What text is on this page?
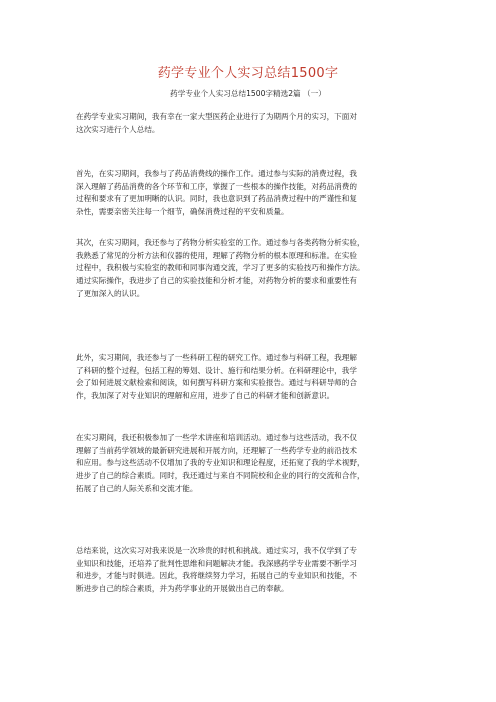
药学专业个人实习总结1500字
药学专业个人实习总结1500字精选2篇 （一）
在药学专业实习期间，我有幸在一家大型医药企业进行了为期两个月的实习，下面对
这次实习进行个人总结。
首先，在实习期间，我参与了药品消费线的操作工作。通过参与实际的消费过程，我
深入理解了药品消费的各个环节和工序，掌握了一些根本的操作技能，对药品消费的
过程和要求有了更加明晰的认识。同时，我也意识到了药品消费过程中的严谨性和复
杂性，需要亲密关注每一个细节，确保消费过程的平安和质量。
其次，在实习期间，我还参与了药物分析实验室的工作。通过参与各类药物分析实验，
我熟悉了常见的分析方法和仪器的使用，理解了药物分析的根本原理和标准。在实验
过程中，我积极与实验室的教师和同事沟通交流，学习了更多的实验技巧和操作方法。
通过实际操作，我进步了自己的实验技能和分析才能，对药物分析的要求和重要性有
了更加深入的认识。
此外，实习期间，我还参与了一些科研工程的研究工作。通过参与科研工程，我理解
了科研的整个过程，包括工程的筹划、设计、施行和结果分析。在科研理论中，我学
会了如何进展文献检索和阅读，如何撰写科研方案和实验报告。通过与科研导师的合
作，我加深了对专业知识的理解和应用，进步了自己的科研才能和创新意识。
在实习期间，我还积极参加了一些学术讲座和培训活动。通过参与这些活动，我不仅
理解了当前药学领域的最新研究进展和开展方向，还理解了一些药学专业的前沿技术
和应用。参与这些活动不仅增加了我的专业知识和理论程度，还拓宽了我的学术视野，
进步了自己的综合素质。同时，我还通过与来自不同院校和企业的同行的交流和合作，
拓展了自己的人际关系和交流才能。
总结来说，这次实习对我来说是一次珍贵的时机和挑战。通过实习，我不仅学到了专
业知识和技能，还培养了批判性思维和问题解决才能。我深感药学专业需要不断学习
和进步，才能与时俱进。因此，我将继续努力学习，拓展自己的专业知识和技能，不
断进步自己的综合素质，并为药学事业的开展做出自己的奉献。
